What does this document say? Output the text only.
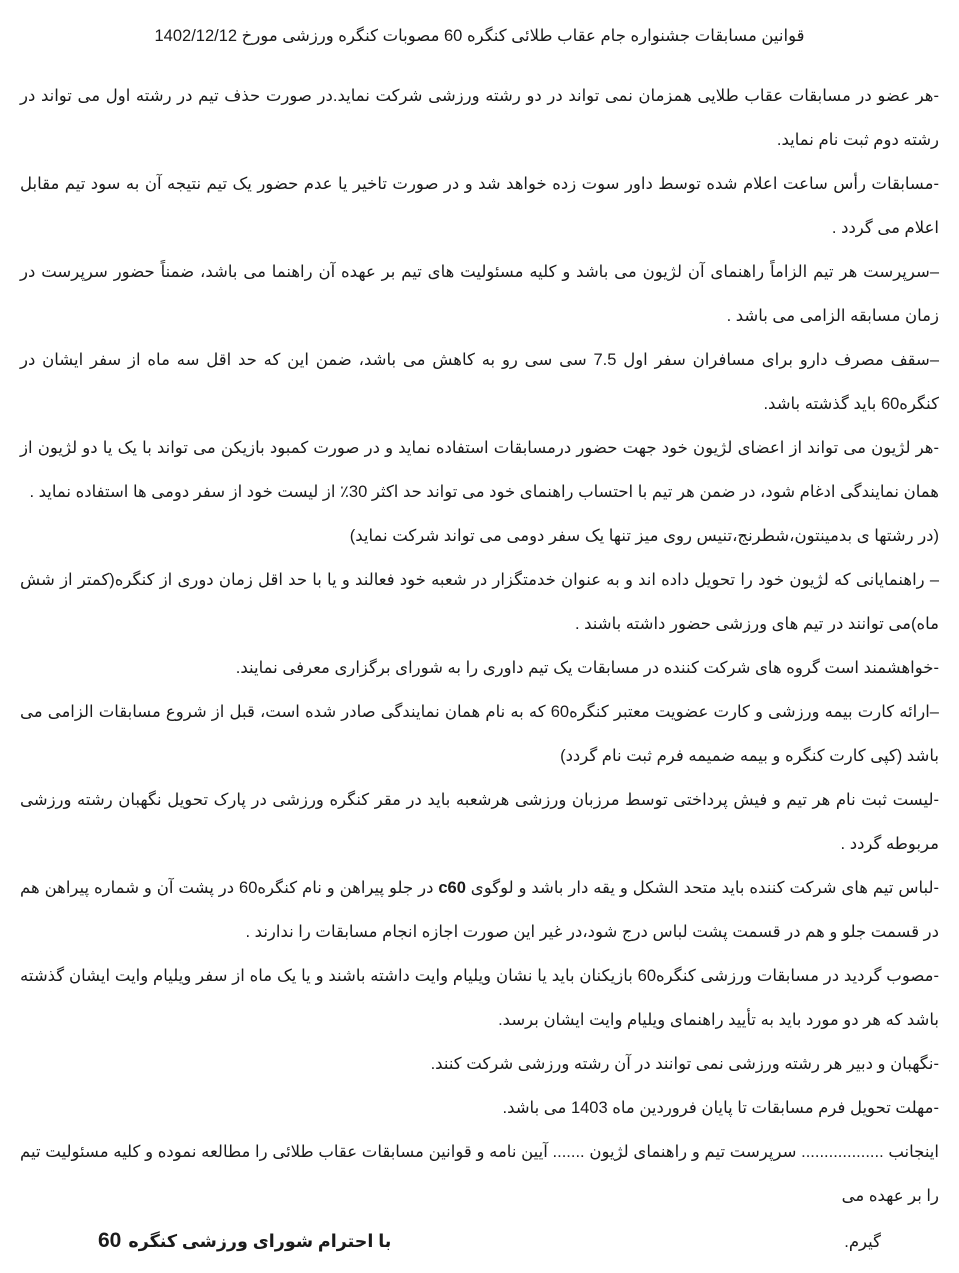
قوانین مسابقات جشنواره جام عقاب طلائی کنگره 60 مصوبات کنگره ورزشی مورخ 1402/12/12
-هر عضو در مسابقات عقاب طلایی همزمان نمی تواند در دو رشته ورزشی شرکت نماید.در صورت حذف تیم در رشته اول می تواند در رشته دوم ثبت نام نماید.
-مسابقات رأس ساعت اعلام شده توسط داور سوت زده خواهد شد و در صورت تاخیر یا عدم حضور یک تیم نتیجه آن به سود تیم مقابل اعلام می گردد .
–سرپرست هر تیم الزاماً راهنمای آن لژیون می باشد و کلیه مسئولیت های تیم بر عهده آن راهنما می باشد، ضمناً حضور سرپرست در زمان مسابقه الزامی می باشد .
–سقف مصرف دارو برای مسافران سفر اول 7.5 سی سی رو به کاهش می باشد، ضمن این که حد اقل سه ماه از سفر ایشان در کنگره60 باید گذشته باشد.
-هر لژیون می تواند از اعضای لژیون خود جهت حضور درمسابقات استفاده نماید و در صورت کمبود بازیکن می تواند با یک یا دو لژیون از همان نمایندگی ادغام شود، در ضمن هر تیم با احتساب راهنمای خود می تواند حد اکثر 30٪ از لیست خود از سفر دومی ها استفاده نماید .
(در رشتها ی بدمینتون،شطرنج،تنیس روی میز تنها یک سفر دومی می تواند شرکت نماید)
– راهنمایانی که لژیون خود را تحویل داده اند و به عنوان خدمتگزار در شعبه خود فعالند و یا با حد اقل زمان دوری از کنگره(کمتر از شش ماه)می توانند در تیم های ورزشی حضور داشته باشند .
-خواهشمند است گروه های شرکت کننده در مسابقات یک تیم داوری را به شورای برگزاری معرفی نمایند.
–ارائه کارت بیمه ورزشی و کارت عضویت معتبر کنگره60 که به نام همان نمایندگی صادر شده است، قبل از شروع مسابقات الزامی می باشد (کپی کارت کنگره و بیمه ضمیمه فرم ثبت نام گردد)
-لیست ثبت نام هر تیم و فیش پرداختی توسط مرزبان ورزشی هرشعبه باید در مقر کنگره ورزشی در پارک تحویل نگهبان رشته ورزشی مربوطه گردد .
-لباس تیم های شرکت کننده باید متحد الشکل و یقه دار باشد و لوگوی c60 در جلو پیراهن و نام کنگره60 در پشت آن و شماره پیراهن هم در قسمت جلو و هم در قسمت پشت لباس درج شود،در غیر این صورت اجازه انجام مسابقات را ندارند .
-مصوب گردید در مسابقات ورزشی کنگره60 بازیکنان باید یا نشان ویلیام وایت داشته باشند و یا یک ماه از سفر ویلیام وایت ایشان گذشته باشد که هر دو مورد باید به تأیید راهنمای ویلیام وایت ایشان برسد.
-نگهبان و دبیر هر رشته ورزشی نمی توانند در آن رشته ورزشی شرکت کنند.
-مهلت تحویل فرم مسابقات تا پایان فروردین ماه 1403 می باشد.
اینجانب .................. سرپرست تیم و راهنمای لژیون ....... آیین نامه و قوانین مسابقات عقاب طلائی را مطالعه نموده و کلیه مسئولیت تیم را بر عهده می
گیرم.
با احترام شورای ورزشی کنگره60
